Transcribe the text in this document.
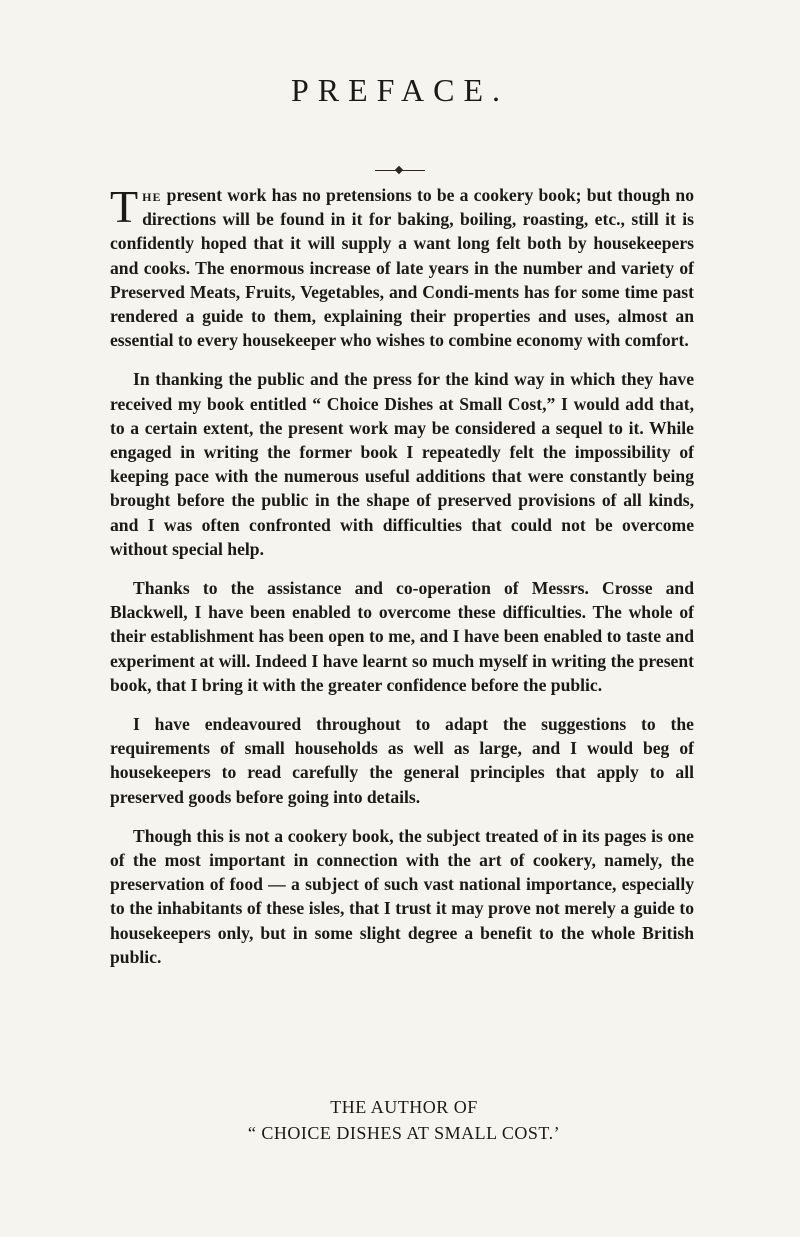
PREFACE.

The present work has no pretensions to be a cookery book; but though no directions will be found in it for baking, boiling, roasting, etc., still it is confidently hoped that it will supply a want long felt both by housekeepers and cooks. The enormous increase of late years in the number and variety of Preserved Meats, Fruits, Vegetables, and Condi-ments has for some time past rendered a guide to them, explaining their properties and uses, almost an essential to every housekeeper who wishes to combine economy with comfort.

In thanking the public and the press for the kind way in which they have received my book entitled “ Choice Dishes at Small Cost,” I would add that, to a certain extent, the present work may be considered a sequel to it. While engaged in writing the former book I repeatedly felt the impossibility of keeping pace with the numerous useful additions that were constantly being brought before the public in the shape of preserved provisions of all kinds, and I was often confronted with difficulties that could not be overcome without special help.

Thanks to the assistance and co-operation of Messrs. Crosse and Blackwell, I have been enabled to overcome these difficulties. The whole of their establishment has been open to me, and I have been enabled to taste and experiment at will. Indeed I have learnt so much myself in writing the present book, that I bring it with the greater confidence before the public.

I have endeavoured throughout to adapt the suggestions to the requirements of small households as well as large, and I would beg of housekeepers to read carefully the general principles that apply to all preserved goods before going into details.

Though this is not a cookery book, the subject treated of in its pages is one of the most important in connection with the art of cookery, namely, the preservation of food — a subject of such vast national importance, especially to the inhabitants of these isles, that I trust it may prove not merely a guide to housekeepers only, but in some slight degree a benefit to the whole British public.

THE AUTHOR OF
“ CHOICE DISHES AT SMALL COST.’
